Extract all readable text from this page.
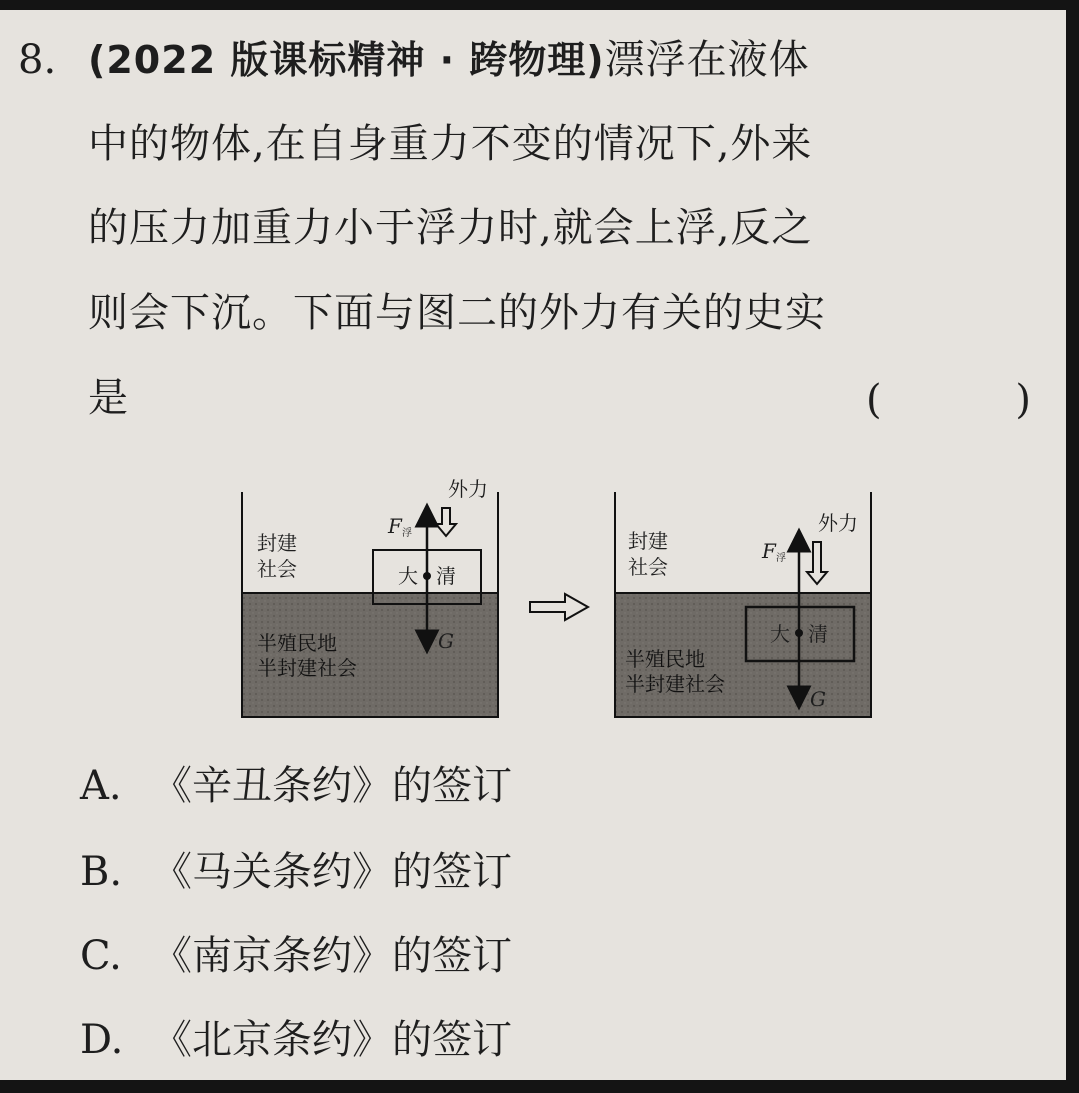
8. (2022 版课标精神 · 跨物理)漂浮在液体
中的物体,在自身重力不变的情况下,外来
的压力加重力小于浮力时,就会上浮,反之
则会下沉。下面与图二的外力有关的史实
是	(	)
封建
社会
半殖民地
半封建社会
大 清
F 浮
外力
G
封建
社会
半殖民地
半封建社会
大 清
F 浮
外力
G
A. 《辛丑条约》的签订
B. 《马关条约》的签订
C. 《南京条约》的签订
D. 《北京条约》的签订
